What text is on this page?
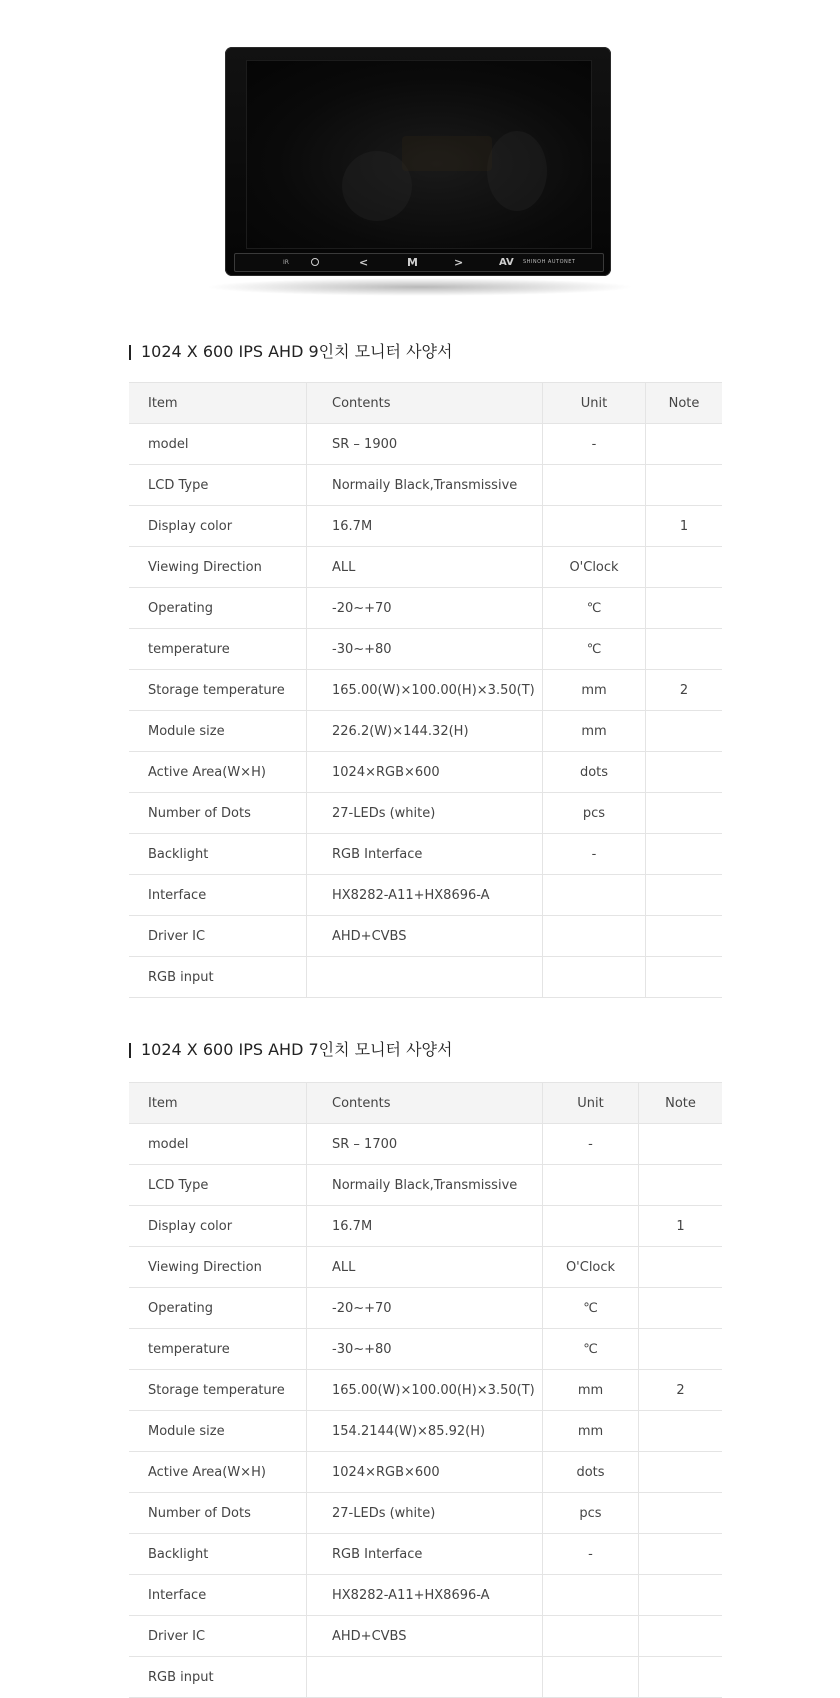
IR	<	M	>	AV SHINOH AUTONET
1024 X 600 IPS AHD 9인치 모니터 사양서
Item	Contents	Unit	Note
model	SR – 1900	-	
LCD Type	Normaily Black,Transmissive		
Display color	16.7M		1
Viewing Direction	ALL	O'Clock	
Operating	-20~+70	℃	
temperature	-30~+80	℃	
Storage temperature	165.00(W)×100.00(H)×3.50(T)	mm	2
Module size	226.2(W)×144.32(H)	mm	
Active Area(W×H)	1024×RGB×600	dots	
Number of Dots	27-LEDs (white)	pcs	
Backlight	RGB Interface	-	
Interface	HX8282-A11+HX8696-A		
Driver IC	AHD+CVBS		
RGB input			
1024 X 600 IPS AHD 7인치 모니터 사양서
Item	Contents	Unit	Note
model	SR – 1700	-	
LCD Type	Normaily Black,Transmissive		
Display color	16.7M		1
Viewing Direction	ALL	O'Clock	
Operating	-20~+70	℃	
temperature	-30~+80	℃	
Storage temperature	165.00(W)×100.00(H)×3.50(T)	mm	2
Module size	154.2144(W)×85.92(H)	mm	
Active Area(W×H)	1024×RGB×600	dots	
Number of Dots	27-LEDs (white)	pcs	
Backlight	RGB Interface	-	
Interface	HX8282-A11+HX8696-A		
Driver IC	AHD+CVBS		
RGB input			
